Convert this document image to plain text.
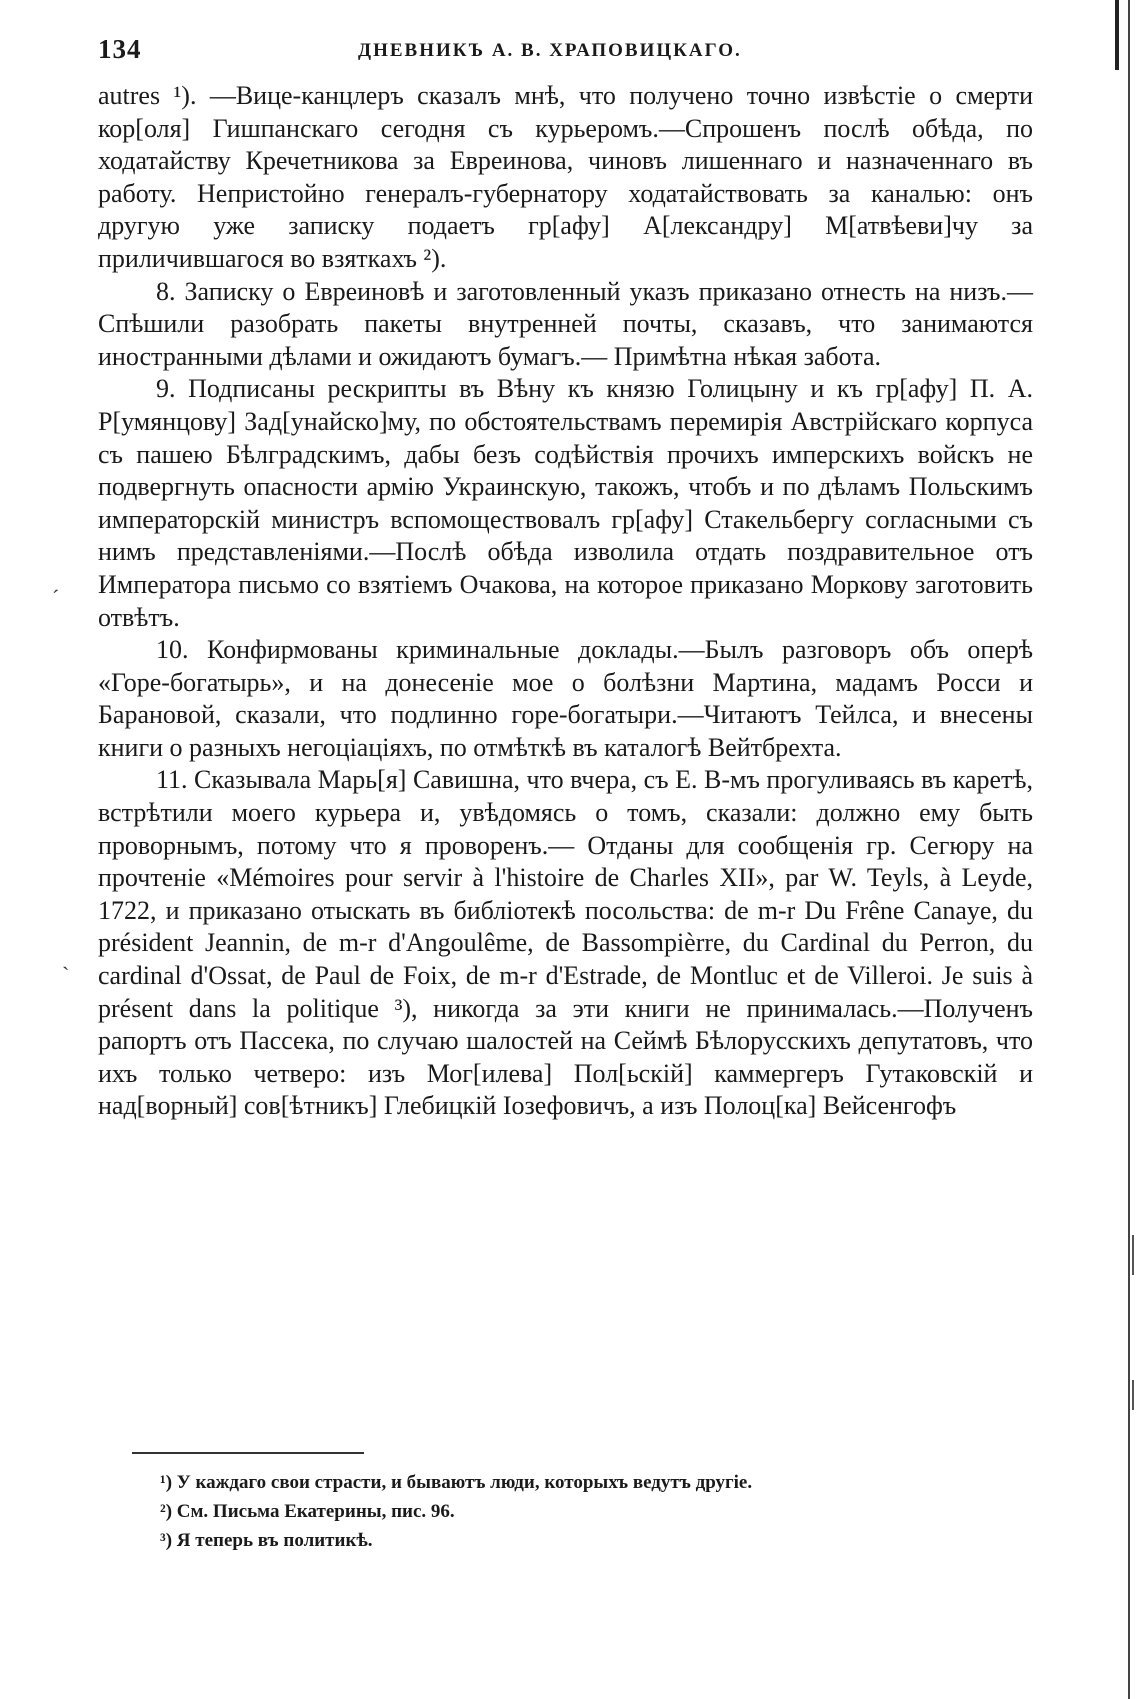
134	ДНЕВНИКЪ А. В. ХРАПОВИЦКАГО.

autres ¹). —Вице-канцлеръ сказалъ мнѣ, что получено точно извѣстіе о смерти кор[оля] Гишпанскаго сегодня съ курьеромъ.—Спрошенъ послѣ обѣда, по ходатайству Кречетникова за Евреинова, чиновъ лишеннаго и назначеннаго въ работу. Непристойно генералъ-губернатору ходатайствовать за каналью: онъ другую уже записку подаетъ гр[афу] А[лександру] М[атвѣеви]чу за приличившагося во взяткахъ ²).

8. Записку о Евреиновѣ и заготовленный указъ приказано отнесть на низъ.—Спѣшили разобрать пакеты внутренней почты, сказавъ, что занимаются иностранными дѣлами и ожидаютъ бумагъ.— Примѣтна нѣкая забота.

9. Подписаны рескрипты въ Вѣну къ князю Голицыну и къ гр[афу] П. А. Р[умянцову] Зад[унайско]му, по обстоятельствамъ перемирія Австрійскаго корпуса съ пашею Бѣлградскимъ, дабы безъ содѣйствія прочихъ имперскихъ войскъ не подвергнуть опасности армію Украинскую, такожъ, чтобъ и по дѣламъ Польскимъ императорскій министръ вспомоществовалъ гр[афу] Стакельбергу согласными съ нимъ представленіями.—Послѣ обѣда изволила отдать поздравительное отъ Императора письмо со взятіемъ Очакова, на которое приказано Моркову заготовить отвѣтъ.

10. Конфирмованы криминальные доклады.—Былъ разговоръ объ оперѣ «Горе-богатырь», и на донесеніе мое о болѣзни Мартина, мадамъ Росси и Барановой, сказали, что подлинно горе-богатыри.—Читаютъ Тейлса, и внесены книги о разныхъ негоціаціяхъ, по отмѣткѣ въ каталогѣ Вейтбрехта.

11. Сказывала Марь[я] Савишна, что вчера, съ Е. В-мъ прогуливаясь въ каретѣ, встрѣтили моего курьера и, увѣдомясь о томъ, сказали: должно ему быть проворнымъ, потому что я проворенъ.— Отданы для сообщенія гр. Сегюру на прочтеніе «Mémoires pour servir à l'histoire de Charles XII», par W. Teyls, à Leyde, 1722, и приказано отыскать въ библіотекѣ посольства: de m-r Du Frêne Canaye, du président Jeannin, de m-r d'Angoulême, de Bassompièrre, du Cardinal du Perron, du cardinal d'Ossat, de Paul de Foix, de m-r d'Estrade, de Montluc et de Villeroi. Je suis à présent dans la politique ³), никогда за эти книги не принималась.—Полученъ рапортъ отъ Пассека, по случаю шалостей на Сеймѣ Бѣлорусскихъ депутатовъ, что ихъ только четверо: изъ Мог[илева] Пол[ьскій] каммергеръ Гутаковскій и над[ворный] сов[ѣтникъ] Глебицкій Іозефовичъ, а изъ Полоц[ка] Вейсенгофъ

ˊ
ˏ
¹) У каждаго свои страсти, и бываютъ люди, которыхъ ведутъ другіе.
²) См. Письма Екатерины, пис. 96.
³) Я теперь въ политикѣ.
